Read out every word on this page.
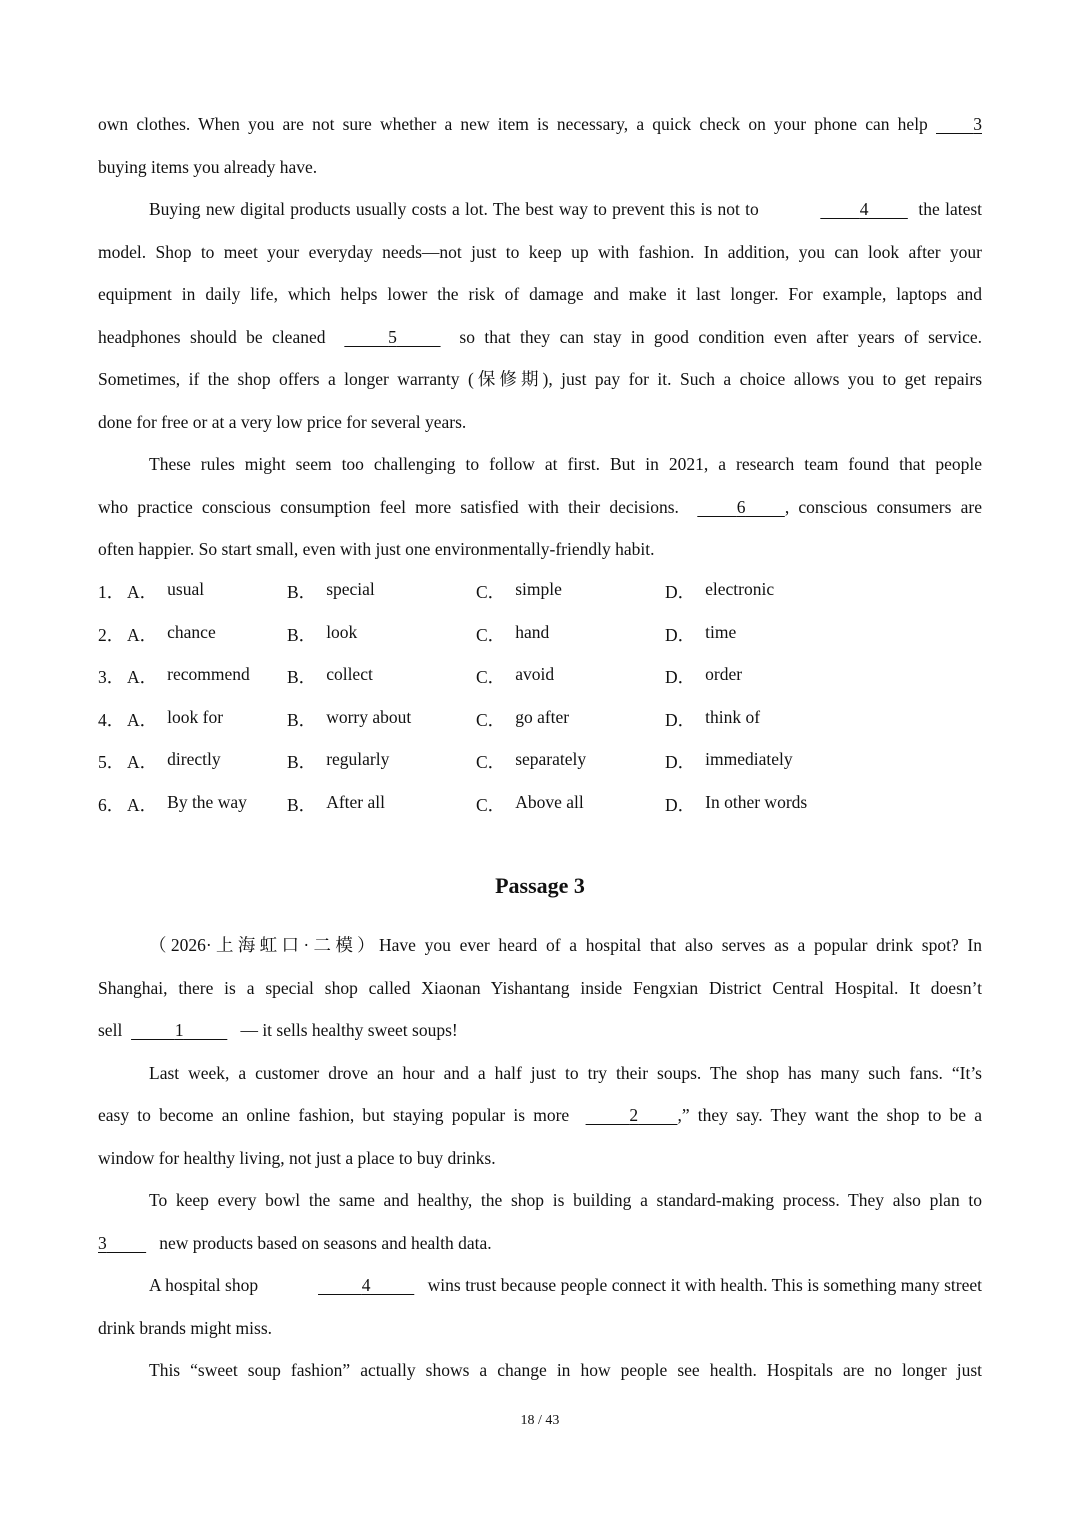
own clothes. When you are not sure whether a new item is necessary, a quick check on your phone can help	3

buying items you already have.

Buying new digital products usually costs a lot. The best way to prevent this is not to	4	the latest

model. Shop to meet your everyday needs—not just to keep up with fashion. In addition, you can look after your

equipment in daily life, which helps lower the risk of damage and make it last longer. For example, laptops and

headphones should be cleaned	5	so that they can stay in good condition even after years of service.

Sometimes, if the shop offers a longer warranty (保修期), just pay for it. Such a choice allows you to get repairs

done for free or at a very low price for several years.

These rules might seem too challenging to follow at first. But in 2021, a research team found that people

who practice conscious consumption feel more satisfied with their decisions.	6 , conscious consumers are

often happier. So start small, even with just one environmentally-friendly habit.

1． A． usual	B． special	C． simple	D． electronic
2． A． chance	B． look	C． hand	D． time
3． A． recommend B． collect	C． avoid	D． order
4． A． look for	B． worry about	C． go after	D． think of
5． A． directly	B． regularly	C． separately	D． immediately
6． A． By the way B． After all	C． Above all	D． In other words
Passage 3

（2026·上海虹口·二模）Have you ever heard of a hospital that also serves as a popular drink spot? In

Shanghai, there is a special shop called Xiaonan Yishantang inside Fengxian District Central Hospital. It doesn’t

sell	1	— it sells healthy sweet soups!

Last week, a customer drove an hour and a half just to try their soups. The shop has many such fans. “It’s

easy to become an online fashion, but staying popular is more	2 ,” they say. They want the shop to be a

window for healthy living, not just a place to buy drinks.

To keep every bowl the same and healthy, the shop is building a standard-making process. They also plan to

3	new products based on seasons and health data.

A hospital shop	4	wins trust because people connect it with health. This is something many street

drink brands might miss.

This “sweet soup fashion” actually shows a change in how people see health. Hospitals are no longer just

18 / 43
